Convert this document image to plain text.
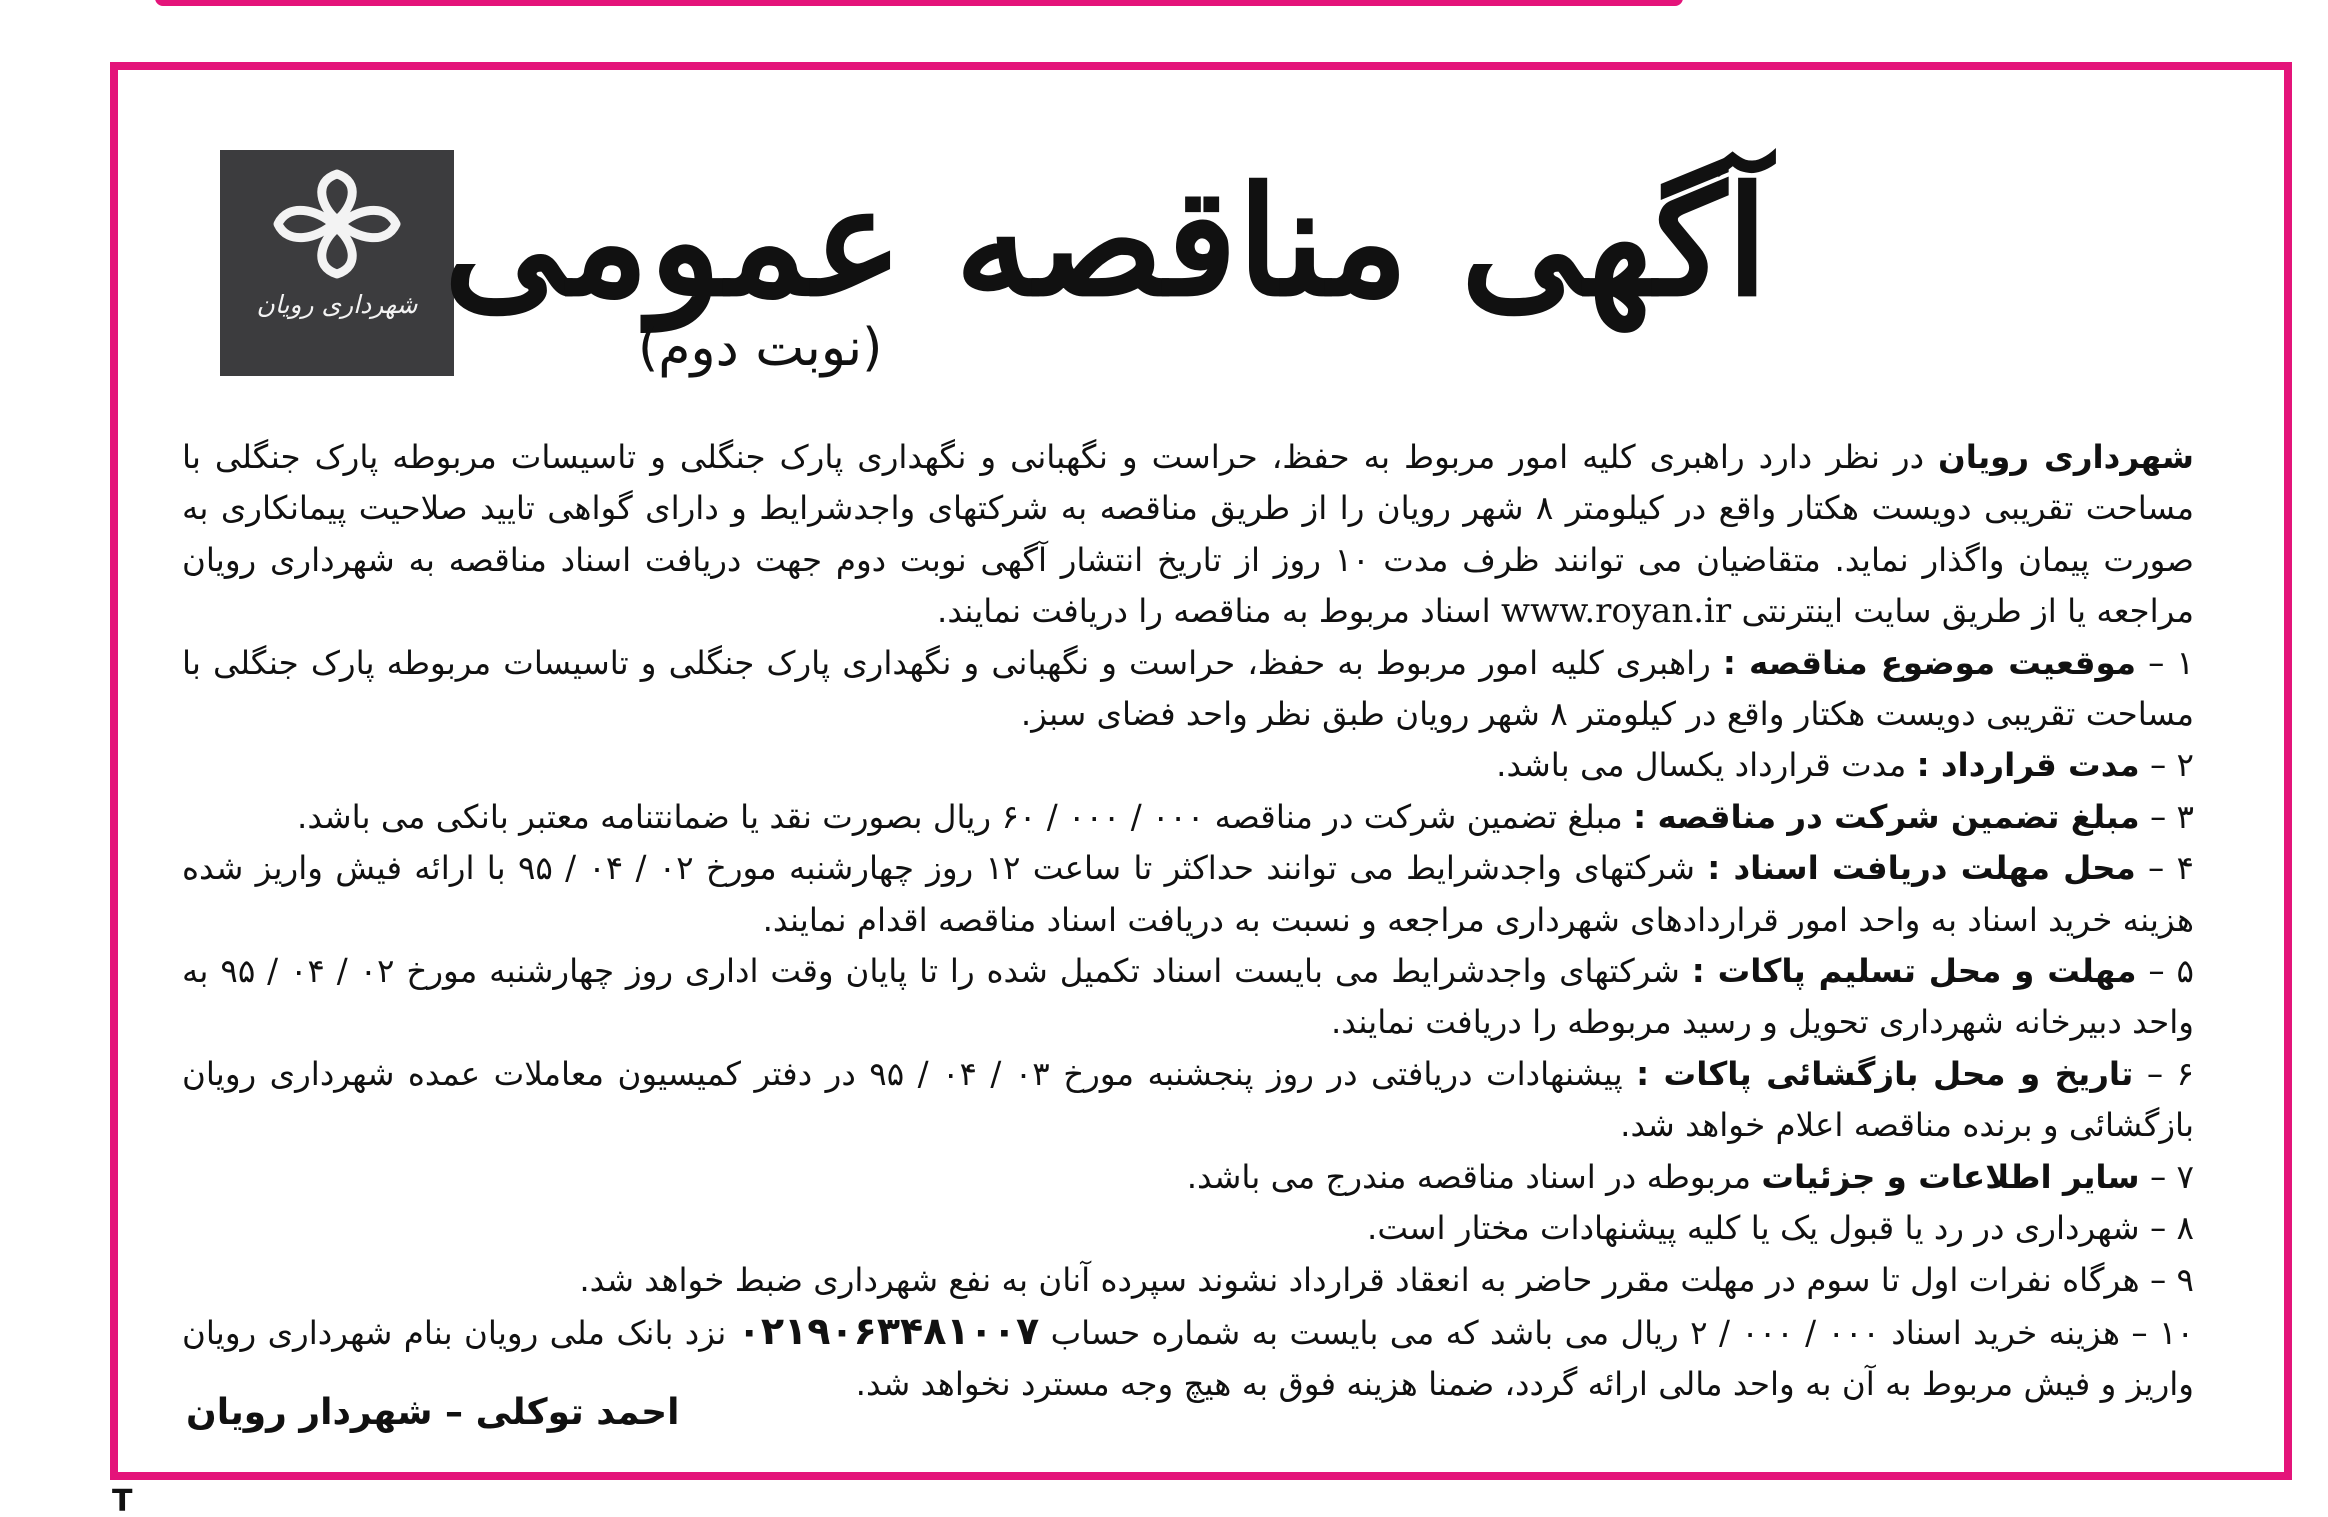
شهرداری رویان آگهی مناقصه عمومی
(نوبت دوم)

شهرداری رویان در نظر دارد راهبری کلیه امور مربوط به حفظ، حراست و نگهبانی و نگهداری پارک جنگلی و تاسیسات مربوطه پارک جنگلی با مساحت تقریبی دویست هکتار واقع در کیلومتر ۸ شهر رویان را از طریق مناقصه به شرکتهای واجدشرایط و دارای گواهی تایید صلاحیت پیمانکاری به صورت پیمان واگذار نماید. متقاضیان می توانند ظرف مدت ۱۰ روز از تاریخ انتشار آگهی نوبت دوم جهت دریافت اسناد مناقصه به شهرداری رویان مراجعه یا از طریق سایت اینترنتی www.royan.ir اسناد مربوط به مناقصه را دریافت نمایند.

۱ – موقعیت موضوع مناقصه : راهبری کلیه امور مربوط به حفظ، حراست و نگهبانی و نگهداری پارک جنگلی و تاسیسات مربوطه پارک جنگلی با مساحت تقریبی دویست هکتار واقع در کیلومتر ۸ شهر رویان طبق نظر واحد فضای سبز.

۲ – مدت قرارداد : مدت قرارداد یکسال می باشد.

۳ – مبلغ تضمین شرکت در مناقصه : مبلغ تضمین شرکت در مناقصه ۶۰ / ۰۰۰ / ۰۰۰ ریال بصورت نقد یا ضمانتنامه معتبر بانکی می باشد.

۴ – محل مهلت دریافت اسناد : شرکتهای واجدشرایط می توانند حداکثر تا ساعت ۱۲ روز چهارشنبه مورخ ۹۵ / ۰۴ / ۰۲ با ارائه فیش واریز شده هزینه خرید اسناد به واحد امور قراردادهای شهرداری مراجعه و نسبت به دریافت اسناد مناقصه اقدام نمایند.

۵ – مهلت و محل تسلیم پاکات : شرکتهای واجدشرایط می بایست اسناد تکمیل شده را تا پایان وقت اداری روز چهارشنبه مورخ ۹۵ / ۰۴ / ۰۲ به واحد دبیرخانه شهرداری تحویل و رسید مربوطه را دریافت نمایند.

۶ – تاریخ و محل بازگشائی پاکات : پیشنهادات دریافتی در روز پنجشنبه مورخ ۹۵ / ۰۴ / ۰۳ در دفتر کمیسیون معاملات عمده شهرداری رویان بازگشائی و برنده مناقصه اعلام خواهد شد.

۷ – سایر اطلاعات و جزئیات مربوطه در اسناد مناقصه مندرج می باشد.

۸ – شهرداری در رد یا قبول یک یا کلیه پیشنهادات مختار است.

۹ – هرگاه نفرات اول تا سوم در مهلت مقرر حاضر به انعقاد قرارداد نشوند سپرده آنان به نفع شهرداری ضبط خواهد شد.

۱۰ – هزینه خرید اسناد ۲ / ۰۰۰ / ۰۰۰ ریال می باشد که می بایست به شماره حساب ۰۲۱۹۰۶۳۴۸۱۰۰۷ نزد بانک ملی رویان بنام شهرداری رویان واریز و فیش مربوط به آن به واحد مالی ارائه گردد، ضمنا هزینه فوق به هیچ وجه مسترد نخواهد شد.

احمد توکلی – شهردار رویان
T
